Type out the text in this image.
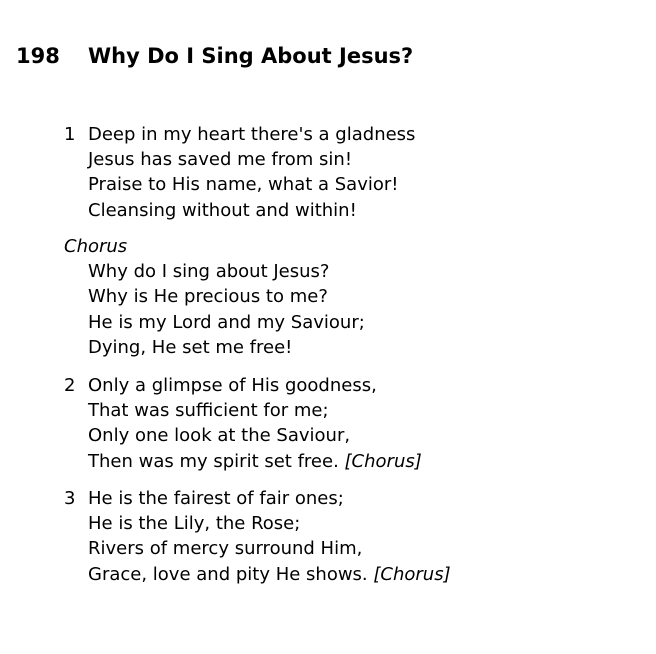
198 Why Do I Sing About Jesus?
1 Deep in my heart there's a gladness
Jesus has saved me from sin!
Praise to His name, what a Savior!
Cleansing without and within!
Chorus
Why do I sing about Jesus?
Why is He precious to me?
He is my Lord and my Saviour;
Dying, He set me free!
2 Only a glimpse of His goodness,
That was sufficient for me;
Only one look at the Saviour,
Then was my spirit set free. [Chorus]
3 He is the fairest of fair ones;
He is the Lily, the Rose;
Rivers of mercy surround Him,
Grace, love and pity He shows. [Chorus]
